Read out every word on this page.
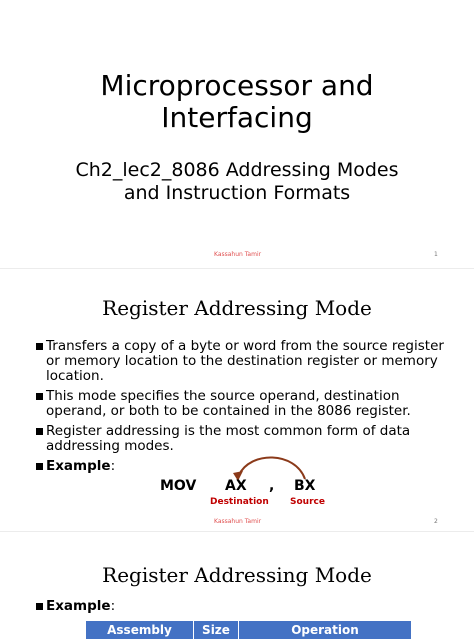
Microprocessor and Interfacing
Ch2_lec2_8086 Addressing Modes
and Instruction Formats
Kassahun Tamir	1
Register Addressing Mode
Transfers a copy of a byte or word from the source register or memory location to the destination register or memory location.
This mode specifies the source operand, destination operand, or both to be contained in the 8086 register.
Register addressing is the most common form of data addressing modes.
Example:
MOV AX , BX
Destination Source
Kassahun Tamir	2
Register Addressing Mode
Example:
Assembly	Size	Operation
